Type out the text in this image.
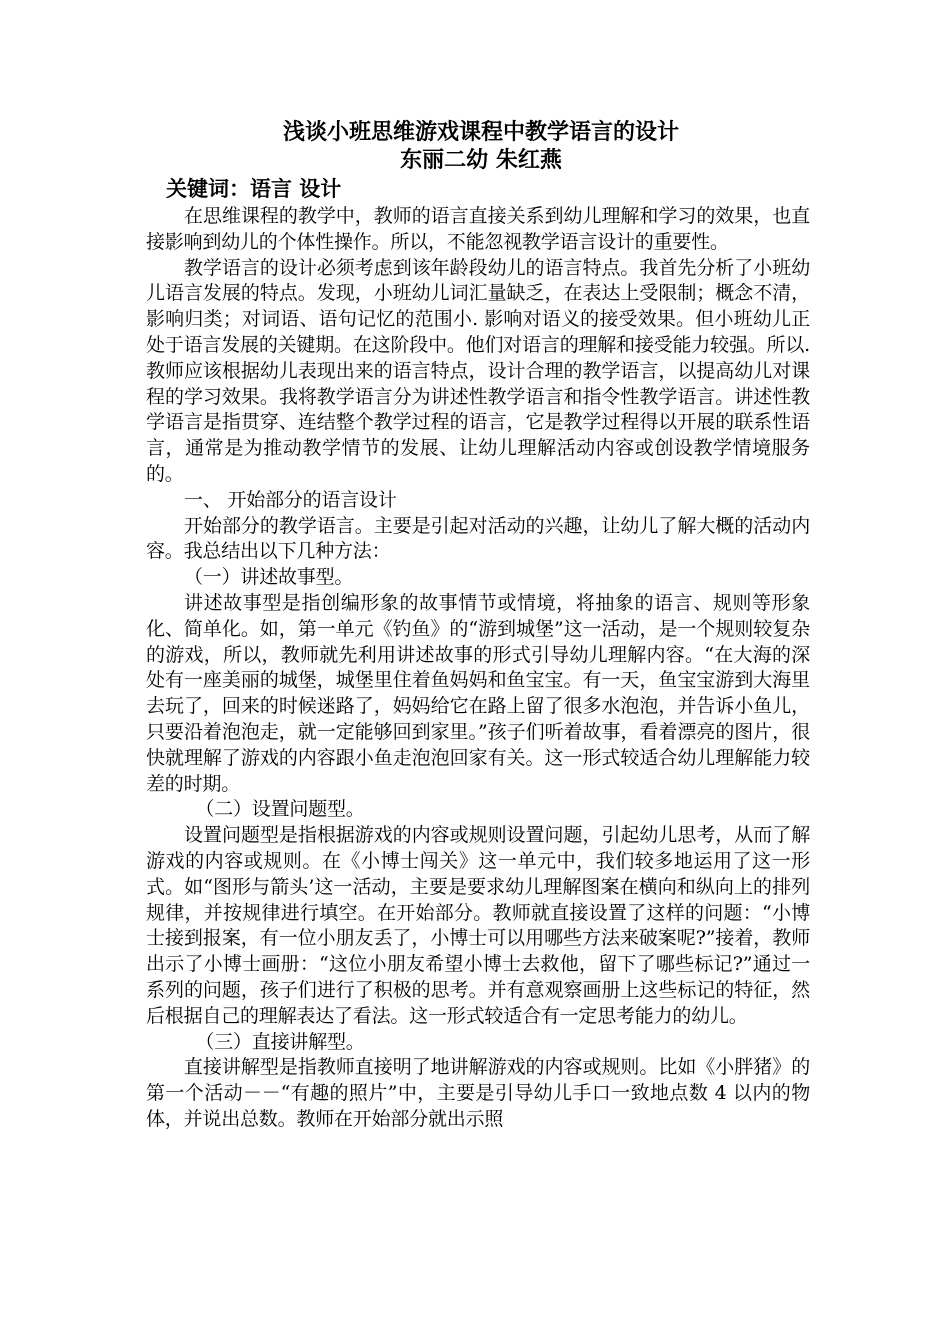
浅谈小班思维游戏课程中教学语言的设计
东丽二幼 朱红燕
关键词：语言 设计

在思维课程的教学中，教师的语言直接关系到幼儿理解和学习的效果，也直接影响到幼儿的个体性操作。所以，不能忽视教学语言设计的重要性。

教学语言的设计必须考虑到该年龄段幼儿的语言特点。我首先分析了小班幼儿语言发展的特点。发现，小班幼儿词汇量缺乏，在表达上受限制；概念不清，影响归类；对词语、语句记忆的范围小. 影响对语义的接受效果。但小班幼儿正处于语言发展的关键期。在这阶段中。他们对语言的理解和接受能力较强。所以. 教师应该根据幼儿表现出来的语言特点，设计合理的教学语言，以提高幼儿对课程的学习效果。我将教学语言分为讲述性教学语言和指令性教学语言。讲述性教学语言是指贯穿、连结整个教学过程的语言，它是教学过程得以开展的联系性语言，通常是为推动教学情节的发展、让幼儿理解活动内容或创设教学情境服务的。

一、 开始部分的语言设计

开始部分的教学语言。主要是引起对活动的兴趣，让幼儿了解大概的活动内容。我总结出以下几种方法：

（一）讲述故事型。

讲述故事型是指创编形象的故事情节或情境，将抽象的语言、规则等形象化、简单化。如，第一单元《钓鱼》的“游到城堡”这一活动，是一个规则较复杂的游戏，所以，教师就先利用讲述故事的形式引导幼儿理解内容。“在大海的深处有一座美丽的城堡，城堡里住着鱼妈妈和鱼宝宝。有一天，鱼宝宝游到大海里去玩了，回来的时候迷路了，妈妈给它在路上留了很多水泡泡，并告诉小鱼儿，只要沿着泡泡走，就一定能够回到家里。”孩子们听着故事，看着漂亮的图片，很快就理解了游戏的内容跟小鱼走泡泡回家有关。这一形式较适合幼儿理解能力较差的时期。

（二）设置问题型。

设置问题型是指根据游戏的内容或规则设置问题，引起幼儿思考，从而了解游戏的内容或规则。在《小博士闯关》这一单元中，我们较多地运用了这一形式。如“图形与箭头’这一活动，主要是要求幼儿理解图案在横向和纵向上的排列规律，并按规律进行填空。在开始部分。教师就直接设置了这样的问题：“小博士接到报案，有一位小朋友丢了，小博士可以用哪些方法来破案呢?”接着，教师出示了小博士画册：“这位小朋友希望小博士去救他，留下了哪些标记?”通过一系列的问题，孩子们进行了积极的思考。并有意观察画册上这些标记的特征，然后根据自己的理解表达了看法。这一形式较适合有一定思考能力的幼儿。

（三）直接讲解型。

直接讲解型是指教师直接明了地讲解游戏的内容或规则。比如《小胖猪》的第一个活动－－“有趣的照片”中，主要是引导幼儿手口一致地点数 4 以内的物体，并说出总数。教师在开始部分就出示照
